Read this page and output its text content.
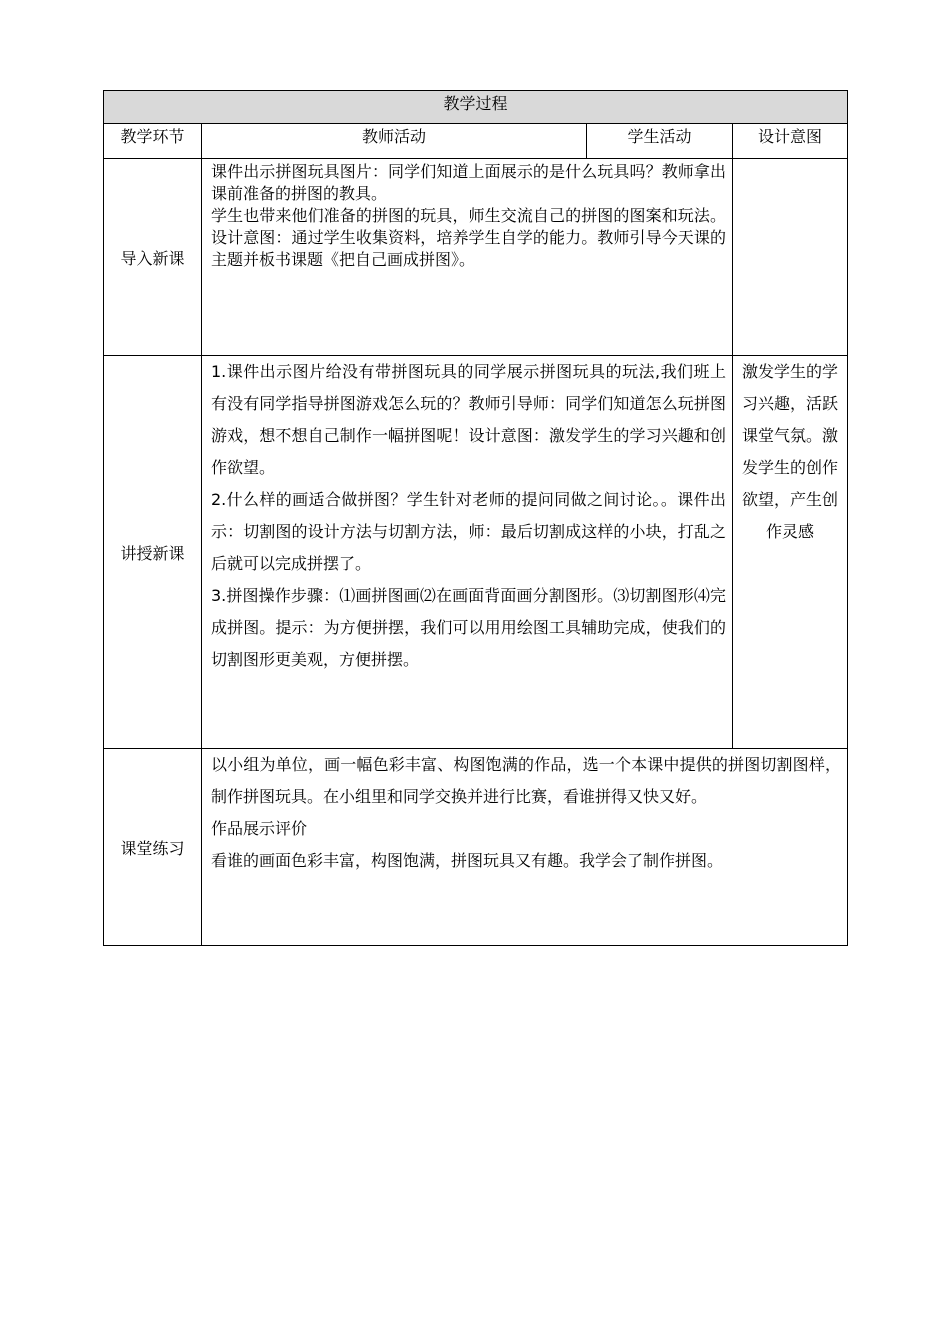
教学过程			
教学环节	教师活动	学生活动	设计意图
导入新课	课件出示拼图玩具图片：同学们知道上面展示的是什么玩具吗？教师拿出课前准备的拼图的教具。

学生也带来他们准备的拼图的玩具，师生交流自己的拼图的图案和玩法。设计意图：通过学生收集资料，培养学生自学的能力。教师引导今天课的主题并板书课题《把自己画成拼图》。		

讲授新课	1.课件出示图片给没有带拼图玩具的同学展示拼图玩具的玩法,我们班上有没有同学指导拼图游戏怎么玩的？教师引导师：同学们知道怎么玩拼图游戏，想不想自己制作一幅拼图呢！设计意图：激发学生的学习兴趣和创作欲望。

2.什么样的画适合做拼图？学生针对老师的提问同做之间讨论。。课件出示：切割图的设计方法与切割方法，师：最后切割成这样的小块，打乱之后就可以完成拼摆了。

3.拼图操作步骤：⑴画拼图画⑵在画面背面画分割图形。⑶切割图形⑷完成拼图。提示：为方便拼摆，我们可以用用绘图工具辅助完成，使我们的切割图形更美观，方便拼摆。		激发学生的学习兴趣，活跃课堂气氛。激发学生的创作欲望，产生创作灵感

课堂练习	以小组为单位，画一幅色彩丰富、构图饱满的作品，选一个本课中提供的拼图切割图样，制作拼图玩具。在小组里和同学交换并进行比赛，看谁拼得又快又好。

作品展示评价

看谁的画面色彩丰富，构图饱满，拼图玩具又有趣。我学会了制作拼图。		
